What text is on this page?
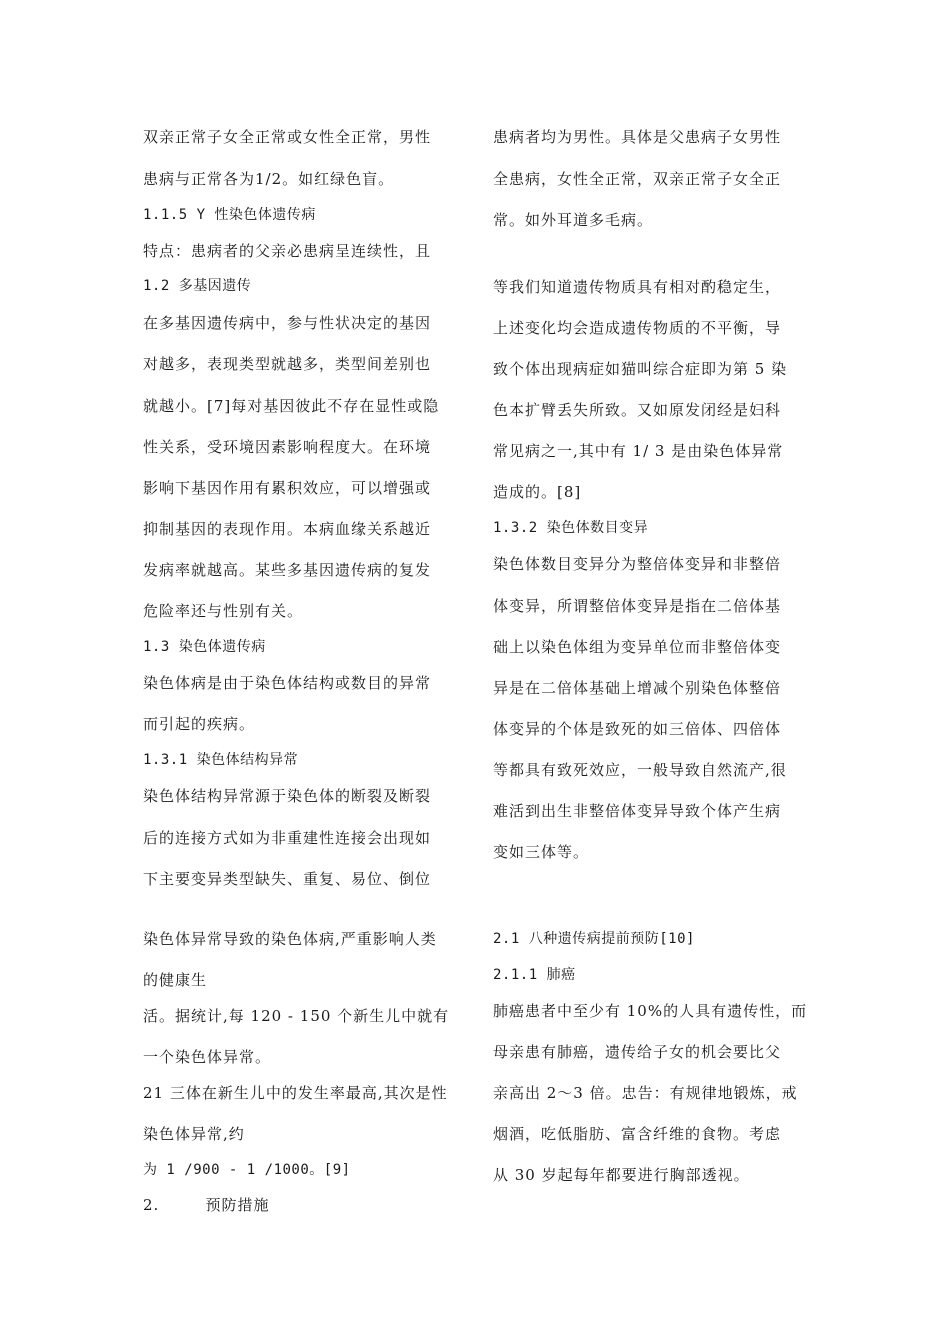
双亲正常子女全正常或女性全正常，男性
患病与正常各为1/2。如红绿色盲。
1.1.5 Y 性染色体遗传病
特点：患病者的父亲必患病呈连续性，且
1.2 多基因遗传
在多基因遗传病中，参与性状决定的基因
对越多，表现类型就越多，类型间差别也
就越小。[7]每对基因彼此不存在显性或隐
性关系，受环境因素影响程度大。在环境
影响下基因作用有累积效应，可以增强或
抑制基因的表现作用。本病血缘关系越近
发病率就越高。某些多基因遗传病的复发
危险率还与性别有关。
1.3 染色体遗传病
染色体病是由于染色体结构或数目的异常
而引起的疾病。
1.3.1 染色体结构异常
染色体结构异常源于染色体的断裂及断裂
后的连接方式如为非重建性连接会出现如
下主要变异类型缺失、重复、易位、倒位
患病者均为男性。具体是父患病子女男性
全患病，女性全正常，双亲正常子女全正
常。如外耳道多毛病。
等我们知道遗传物质具有相对酌稳定生，
上述变化均会造成遗传物质的不平衡，导
致个体出现病症如猫叫综合症即为第 5 染
色本扩臂丢失所致。又如原发闭经是妇科
常见病之一,其中有 1/ 3 是由染色体异常
造成的。[8]
1.3.2 染色体数目变异
染色体数目变异分为整倍体变异和非整倍
体变异，所谓整倍体变异是指在二倍体基
础上以染色体组为变异单位而非整倍体变
异是在二倍体基础上增减个别染色体整倍
体变异的个体是致死的如三倍体、四倍体
等都具有致死效应，一般导致自然流产,很
难活到出生非整倍体变异导致个体产生病
变如三体等。
染色体异常导致的染色体病,严重影响人类
的健康生
活。据统计,每 120 - 150 个新生儿中就有
一个染色体异常。
21 三体在新生儿中的发生率最高,其次是性
染色体异常,约
为 1 /900 - 1 /1000。[9]
2.        预防措施
2.1 八种遗传病提前预防[10]
2.1.1 肺癌
肺癌患者中至少有 10%的人具有遗传性，而
母亲患有肺癌，遗传给子女的机会要比父
亲高出 2～3 倍。忠告：有规律地锻炼，戒
烟酒，吃低脂肪、富含纤维的食物。考虑
从 30 岁起每年都要进行胸部透视。
